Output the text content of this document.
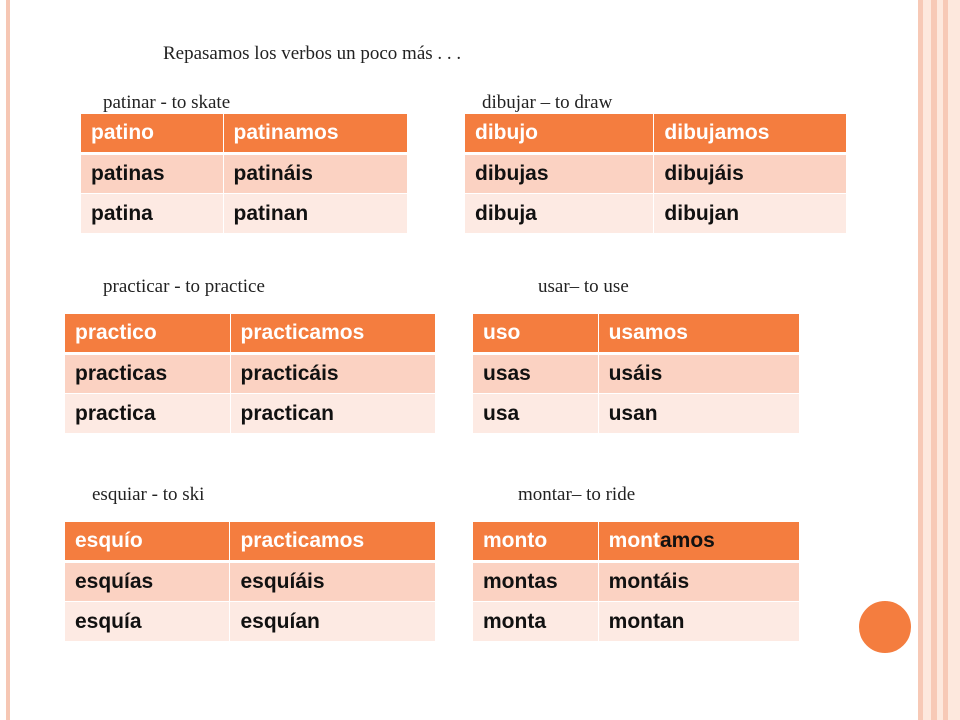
Repasamos los verbos un poco más . . .
patinar - to skate
patino	patinamos
patinas	patináis
patina	patinan
dibujar – to draw
dibujo	dibujamos
dibujas	dibujáis
dibuja	dibujan
practicar - to practice
practico	practicamos
practicas	practicáis
practica	practican
usar– to use
uso	usamos
usas	usáis
usa	usan
esquiar - to ski
esquío	practicamos
esquías	esquíáis
esquía	esquían
montar– to ride
monto	montamos
montas	montáis
monta	montan
